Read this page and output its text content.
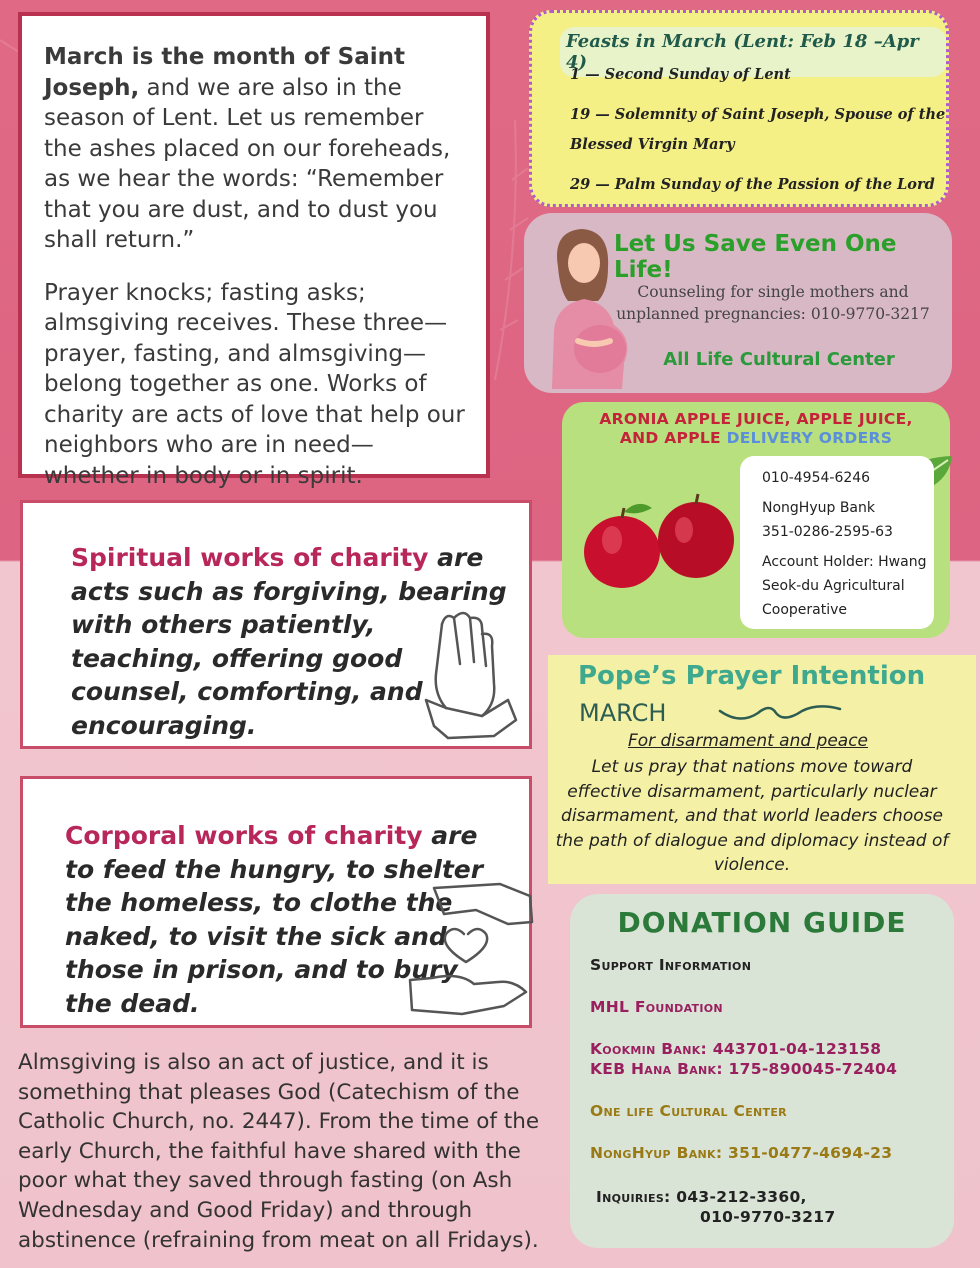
March is the month of Saint Joseph, and we are also in the season of Lent. Let us remember the ashes placed on our foreheads, as we hear the words: “Remember that you are dust, and to dust you shall return.”

Prayer knocks; fasting asks; almsgiving receives. These three—prayer, fasting, and almsgiving—belong together as one. Works of charity are acts of love that help our neighbors who are in need—whether in body or in spirit.

Spiritual works of charity are acts such as forgiving, bearing with others patiently, teaching, offering good counsel, comforting, and encouraging.
Corporal works of charity are to feed the hungry, to shelter the homeless, to clothe the naked, to visit the sick and those in prison, and to bury the dead.
Almsgiving is also an act of justice, and it is something that pleases God (Catechism of the Catholic Church, no. 2447). From the time of the early Church, the faithful have shared with the poor what they saved through fasting (on Ash Wednesday and Good Friday) and through abstinence (refraining from meat on all Fridays).
Feasts in March (Lent: Feb 18 –Apr 4)
1 — Second Sunday of Lent
19 — Solemnity of Saint Joseph, Spouse of the
Blessed Virgin Mary
29 — Palm Sunday of the Passion of the Lord
Let Us Save Even One Life!
Counseling for single mothers and unplanned pregnancies: 010-9770-3217
All Life Cultural Center
ARONIA APPLE JUICE, APPLE JUICE,
AND APPLE DELIVERY ORDERS
010-4954-6246
NongHyup Bank
351-0286-2595-63
Account Holder: Hwang Seok-du Agricultural Cooperative
Pope’s Prayer Intention
MARCH
For disarmament and peace
Let us pray that nations move toward effective disarmament, particularly nuclear disarmament, and that world leaders choose the path of dialogue and diplomacy instead of violence.
DONATION GUIDE
Support Information
MHL Foundation
Kookmin Bank: 443701-04-123158
KEB Hana Bank: 175-890045-72404
One life Cultural Center
NongHyup Bank: 351-0477-4694-23
Inquiries: 043-212-3360,
010-9770-3217
